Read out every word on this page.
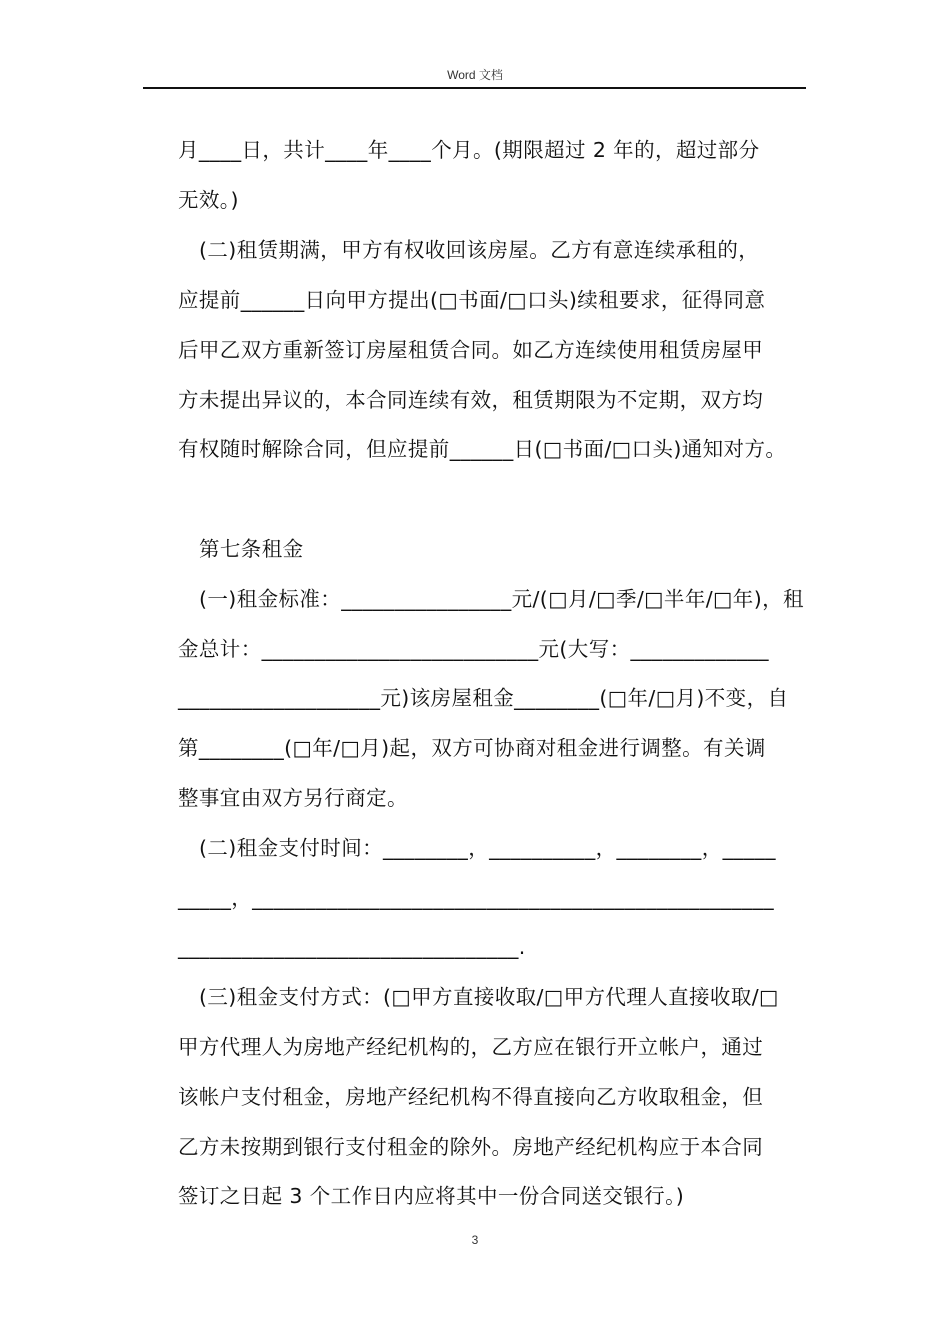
Word 文档
月____日，共计____年____个月。(期限超过 2 年的，超过部分
无效。)
(二)租赁期满，甲方有权收回该房屋。乙方有意连续承租的，
应提前______日向甲方提出(□书面/□口头)续租要求，征得同意
后甲乙双方重新签订房屋租赁合同。如乙方连续使用租赁房屋甲
方未提出异议的，本合同连续有效，租赁期限为不定期，双方均
有权随时解除合同，但应提前______日(□书面/□口头)通知对方。
第七条租金
(一)租金标准：________________元/(□月/□季/□半年/□年)，租
金总计：__________________________元(大写：_____________
___________________元)该房屋租金________(□年/□月)不变，自
第________(□年/□月)起，双方可协商对租金进行调整。有关调
整事宜由双方另行商定。
(二)租金支付时间：________，__________，________，_____
_____，_________________________________________________
________________________________.
(三)租金支付方式：(□甲方直接收取/□甲方代理人直接收取/□
甲方代理人为房地产经纪机构的，乙方应在银行开立帐户，通过
该帐户支付租金，房地产经纪机构不得直接向乙方收取租金，但
乙方未按期到银行支付租金的除外。房地产经纪机构应于本合同
签订之日起 3 个工作日内应将其中一份合同送交银行。)
3
